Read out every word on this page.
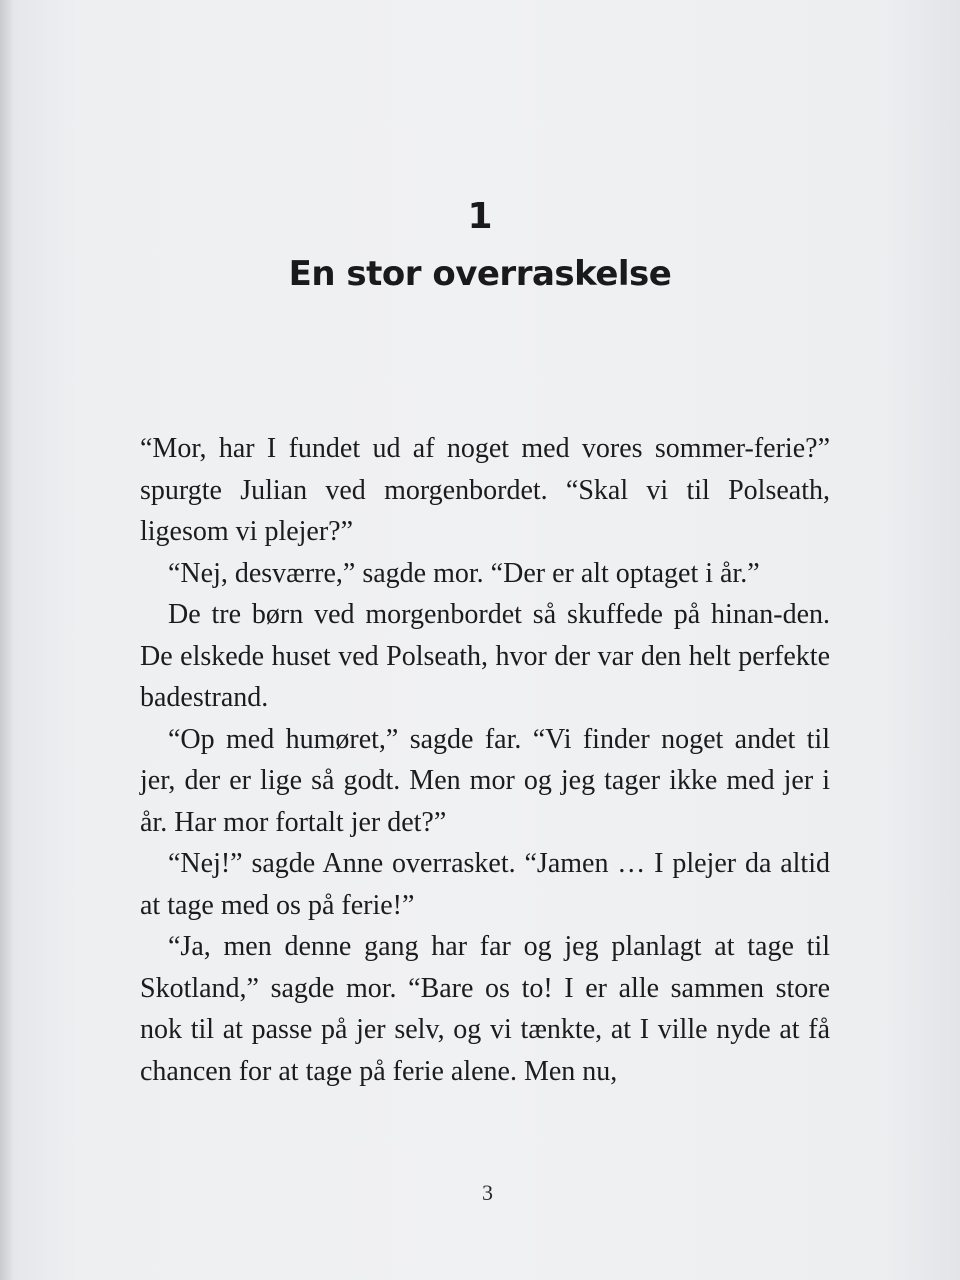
1
En stor overraskelse

“Mor, har I fundet ud af noget med vores sommer-ferie?” spurgte Julian ved morgenbordet. “Skal vi til Polseath, ligesom vi plejer?”

“Nej, desværre,” sagde mor. “Der er alt optaget i år.”

De tre børn ved morgenbordet så skuffede på hinan-den. De elskede huset ved Polseath, hvor der var den helt perfekte badestrand.

“Op med humøret,” sagde far. “Vi finder noget andet til jer, der er lige så godt. Men mor og jeg tager ikke med jer i år. Har mor fortalt jer det?”

“Nej!” sagde Anne overrasket. “Jamen … I plejer da altid at tage med os på ferie!”

“Ja, men denne gang har far og jeg planlagt at tage til Skotland,” sagde mor. “Bare os to! I er alle sammen store nok til at passe på jer selv, og vi tænkte, at I ville nyde at få chancen for at tage på ferie alene. Men nu,

3
